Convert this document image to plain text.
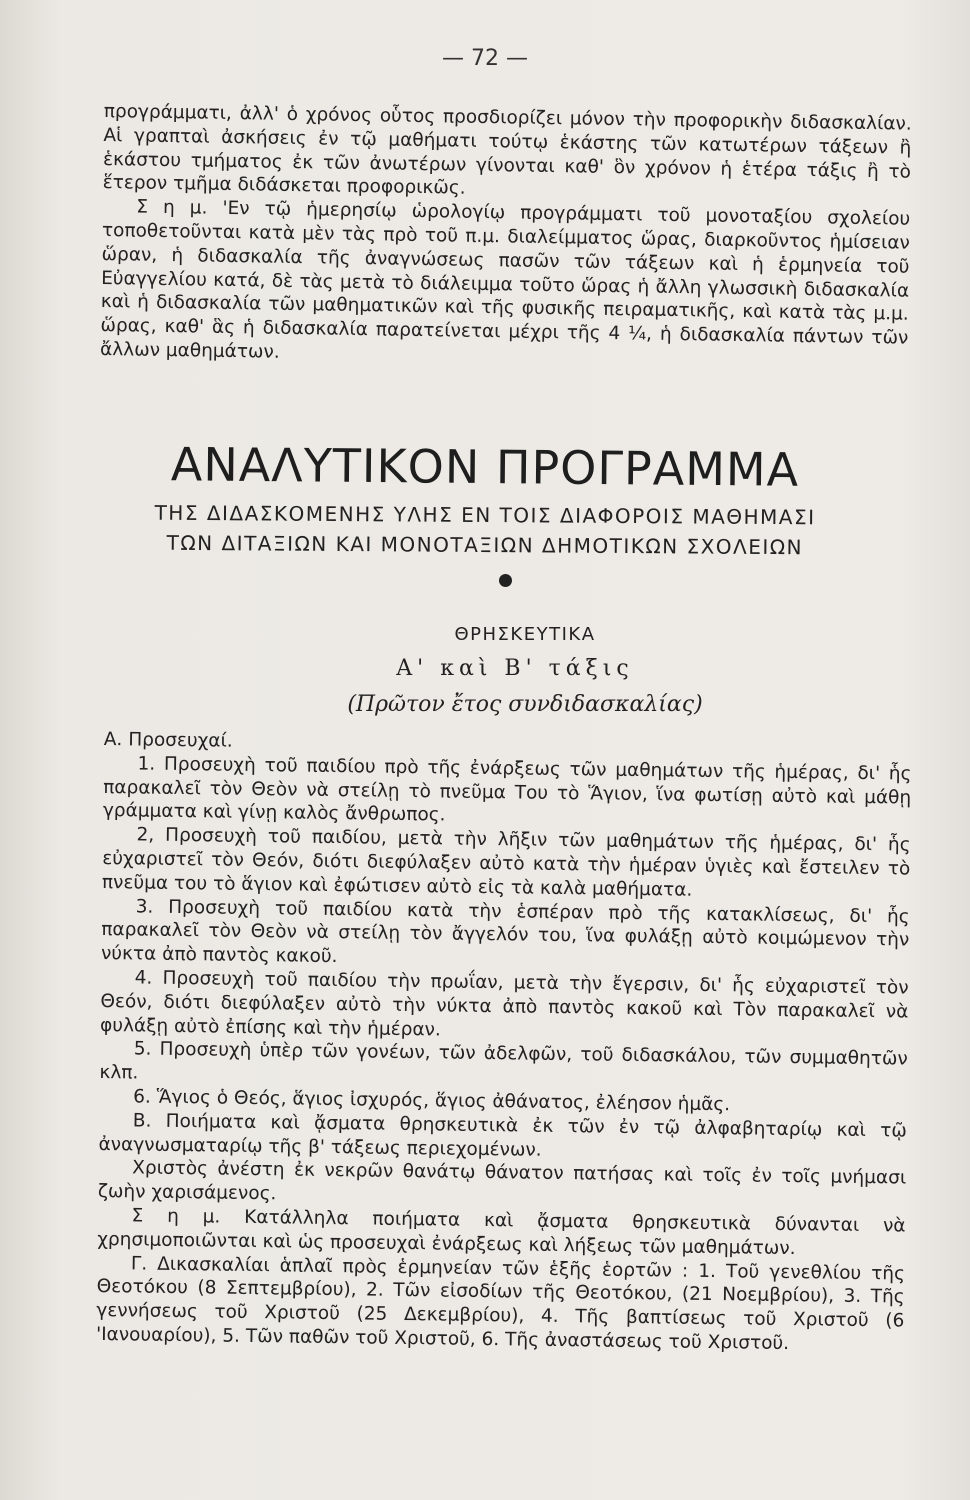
— 72 —

προγράμματι, ἀλλ' ὁ χρόνος οὗτος προσδιορίζει μόνον τὴν προφορικὴν διδασκαλίαν. Αἱ γραπταὶ ἀσκήσεις ἐν τῷ μαθήματι τούτῳ ἑκάστης τῶν κατωτέρων τάξεων ἢ ἑκάστου τμήματος ἐκ τῶν ἀνωτέρων γίνονται καθ' ὃν χρόνον ἡ ἑτέρα τάξις ἢ τὸ ἕτερον τμῆμα διδάσκεται προφορικῶς.

Σ η μ. 'Εν τῷ ἡμερησίῳ ὡρολογίῳ προγράμματι τοῦ μονοταξίου σχολείου τοποθετοῦνται κατὰ μὲν τὰς πρὸ τοῦ π.μ. διαλείμματος ὥρας, διαρκοῦντος ἡμίσειαν ὥραν, ἡ διδασκαλία τῆς ἀναγνώσεως πασῶν τῶν τάξεων καὶ ἡ ἑρμηνεία τοῦ Εὐαγγελίου κατά, δὲ τὰς μετὰ τὸ διάλειμμα τοῦτο ὥρας ἡ ἄλλη γλωσσικὴ διδασκαλία καὶ ἡ διδασκαλία τῶν μαθηματικῶν καὶ τῆς φυσικῆς πειραματικῆς, καὶ κατὰ τὰς μ.μ. ὥρας, καθ' ἃς ἡ διδασκαλία παρατείνεται μέχρι τῆς 4 ¼, ἡ διδασκαλία πάντων τῶν ἄλλων μαθημάτων.

ΑΝΑΛΥΤΙΚΟΝ ΠΡΟΓΡΑΜΜΑ
ΤΗΣ ΔΙΔΑΣΚΟΜΕΝΗΣ ΥΛΗΣ ΕΝ ΤΟΙΣ ΔΙΑΦΟΡΟΙΣ ΜΑΘΗΜΑΣΙ
ΤΩΝ ΔΙΤΑΞΙΩΝ ΚΑΙ ΜΟΝΟΤΑΞΙΩΝ ΔΗΜΟΤΙΚΩΝ ΣΧΟΛΕΙΩΝ
ΘΡΗΣΚΕΥΤΙΚΑ
Α' καὶ Β' τάξις
(Πρῶτον ἔτος συνδιδασκαλίας)

Α. Προσευχαί.

1. Προσευχὴ τοῦ παιδίου πρὸ τῆς ἐνάρξεως τῶν μαθημάτων τῆς ἡμέρας, δι' ἧς παρακαλεῖ τὸν Θεὸν νὰ στείλῃ τὸ πνεῦμα Του τὸ Ἅγιον, ἵνα φωτίσῃ αὐτὸ καὶ μάθῃ γράμματα καὶ γίνῃ καλὸς ἄνθρωπος.

2, Προσευχὴ τοῦ παιδίου, μετὰ τὴν λῆξιν τῶν μαθημάτων τῆς ἡμέρας, δι' ἧς εὐχαριστεῖ τὸν Θεόν, διότι διεφύλαξεν αὐτὸ κατὰ τὴν ἡμέραν ὑγιὲς καὶ ἔστειλεν τὸ πνεῦμα του τὸ ἅγιον καὶ ἐφώτισεν αὐτὸ εἰς τὰ καλὰ μαθήματα.

3. Προσευχὴ τοῦ παιδίου κατὰ τὴν ἑσπέραν πρὸ τῆς κατακλίσεως, δι' ἧς παρακαλεῖ τὸν Θεὸν νὰ στείλῃ τὸν ἄγγελόν του, ἵνα φυλάξῃ αὐτὸ κοιμώμενον τὴν νύκτα ἀπὸ παντὸς κακοῦ.

4. Προσευχὴ τοῦ παιδίου τὴν πρωΐαν, μετὰ τὴν ἔγερσιν, δι' ἧς εὐχαριστεῖ τὸν Θεόν, διότι διεφύλαξεν αὐτὸ τὴν νύκτα ἀπὸ παντὸς κακοῦ καὶ Τὸν παρακαλεῖ νὰ φυλάξῃ αὐτὸ ἐπίσης καὶ τὴν ἡμέραν.

5. Προσευχὴ ὑπὲρ τῶν γονέων, τῶν ἀδελφῶν, τοῦ διδασκάλου, τῶν συμμαθητῶν κλπ.

6. Ἅγιος ὁ Θεός, ἅγιος ἰσχυρός, ἅγιος ἀθάνατος, ἐλέησον ἡμᾶς.

Β. Ποιήματα καὶ ᾄσματα θρησκευτικὰ ἐκ τῶν ἐν τῷ ἀλφαβηταρίῳ καὶ τῷ ἀναγνωσματαρίῳ τῆς β' τάξεως περιεχομένων.

Χριστὸς ἀνέστη ἐκ νεκρῶν θανάτῳ θάνατον πατήσας καὶ τοῖς ἐν τοῖς μνήμασι ζωὴν χαρισάμενος.

Σ η μ. Κατάλληλα ποιήματα καὶ ᾄσματα θρησκευτικὰ δύνανται νὰ χρησιμοποιῶνται καὶ ὡς προσευχαὶ ἐνάρξεως καὶ λήξεως τῶν μαθημάτων.

Γ. Δικασκαλίαι ἁπλαῖ πρὸς ἑρμηνείαν τῶν ἑξῆς ἑορτῶν : 1. Τοῦ γενεθλίου τῆς Θεοτόκου (8 Σεπτεμβρίου), 2. Τῶν εἰσοδίων τῆς Θεοτόκου, (21 Νοεμβρίου), 3. Τῆς γεννήσεως τοῦ Χριστοῦ (25 Δεκεμβρίου), 4. Τῆς βαπτίσεως τοῦ Χριστοῦ (6 'Ιανουαρίου), 5. Τῶν παθῶν τοῦ Χριστοῦ, 6. Τῆς ἀναστάσεως τοῦ Χριστοῦ.
